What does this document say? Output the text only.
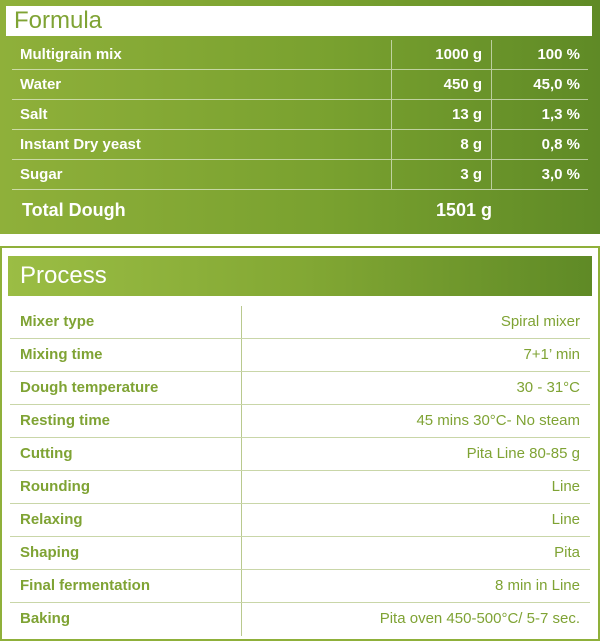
Formula
Multigrain mix	1000 g	100 %
Water	450 g	45,0 %
Salt	13 g	1,3 %
Instant Dry yeast	8 g	0,8 %
Sugar	3 g	3,0 %
Total Dough	1501 g
Process
Mixer type	Spiral mixer
Mixing time	7+1’ min
Dough temperature	30 - 31°C
Resting time	45 mins 30°C- No steam
Cutting	Pita Line 80-85 g
Rounding	Line
Relaxing	Line
Shaping	Pita
Final fermentation	8 min in Line
Baking	Pita oven 450-500°C/ 5-7 sec.
